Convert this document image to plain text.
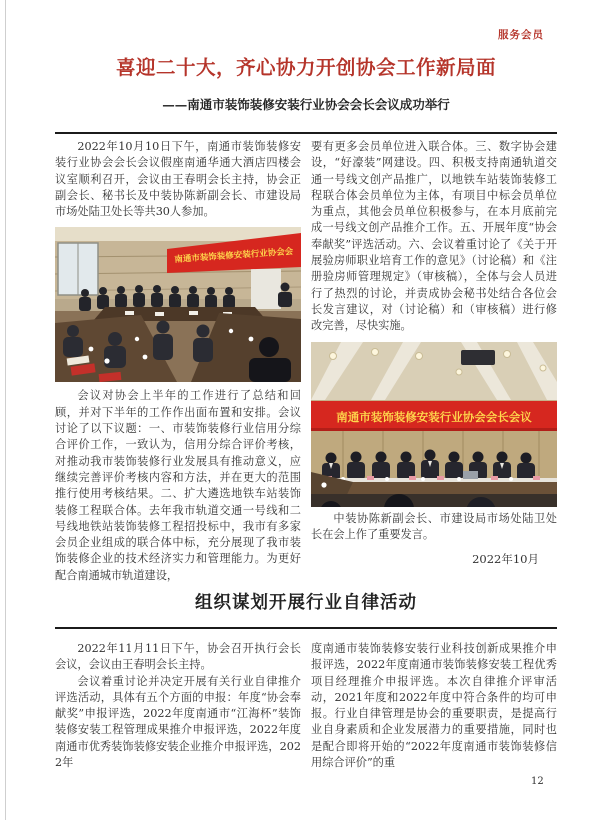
服务会员
喜迎二十大，齐心协力开创协会工作新局面
——南通市装饰装修安装行业协会会长会议成功举行

2022年10月10日下午，南通市装饰装修安装行业协会会长会议假座南通华通大酒店四楼会议室顺利召开，会议由王春明会长主持，协会正副会长、秘书长及中装协陈新副会长、市建设局市场处陆卫处长等共30人参加。

南通市装饰装修安装行业协会会

会议对协会上半年的工作进行了总结和回顾，并对下半年的工作作出面布置和安排。会议讨论了以下议题：一、市装饰装修行业信用分综合评价工作，一致认为，信用分综合评价考核，对推动我市装饰装修行业发展具有推动意义，应继续完善评价考核内容和方法，并在更大的范围推行使用考核结果。二、扩大遴选地铁车站装饰装修工程联合体。去年我市轨道交通一号线和二号线地铁站装饰装修工程招投标中，我市有多家会员企业组成的联合体中标，充分展现了我市装饰装修企业的技术经济实力和管理能力。为更好配合南通城市轨道建设，

要有更多会员单位进入联合体。三、数字协会建设，“好濠装”网建设。四、积极支持南通轨道交通一号线文创产品推广，以地铁车站装饰装修工程联合体会员单位为主体，有项目中标会员单位为重点，其他会员单位积极参与，在本月底前完成一号线文创产品推介工作。五、开展年度“协会奉献奖”评选活动。六、会议着重讨论了《关于开展验房师职业培育工作的意见》（讨论稿）和《注册验房师管理规定》（审核稿），全体与会人员进行了热烈的讨论，并责成协会秘书处结合各位会长发言建议，对（讨论稿）和（审核稿）进行修改完善，尽快实施。

南通市装饰装修安装行业协会会长会议

中装协陈新副会长、市建设局市场处陆卫处长在会上作了重要发言。

2022年10月

组织谋划开展行业自律活动

2022年11月11日下午，协会召开执行会长会议，会议由王春明会长主持。

会议着重讨论并决定开展有关行业自律推介评选活动，具体有五个方面的申报：年度“协会奉献奖”申报评选，2022年度南通市“江海杯”装饰装修安装工程管理成果推介申报评选，2022年度南通市优秀装饰装修安装企业推介申报评选，2022年

度南通市装饰装修安装行业科技创新成果推介申报评选，2022年度南通市装饰装修安装工程优秀项目经理推介申报评选。本次自律推介评审活动，2021年度和2022年度中符合条件的均可申报。行业自律管理是协会的重要职责，是提高行业自身素质和企业发展潜力的重要措施，同时也是配合即将开始的“2022年度南通市装饰装修信用综合评价”的重

12
